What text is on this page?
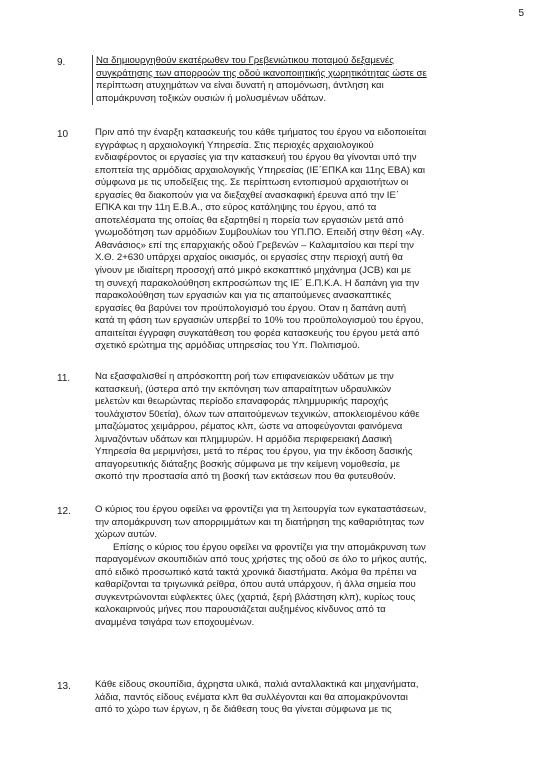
5
9.	Να δημιουργηθούν εκατέρωθεν του Γρεβενιώτικου ποταμού δεξαμενές
συγκράτησης των απορροών της οδού ικανοποιητικής χωρητικότητας ώστε σε
περίπτωση ατυχημάτων να είναι δυνατή η απομόνωση, άντληση και
απομάκρυνση τοξικών ουσιών ή μολυσμένων υδάτων.
10	Πριν από την έναρξη κατασκευής του κάθε τμήματος του έργου να ειδοποιείται
εγγράφως η αρχαιολογική Υπηρεσία. Στις περιοχές αρχαιολογικού
ενδιαφέροντος οι εργασίες για την κατασκευή του έργου θα γίνονται υπό την
εποπτεία της αρμόδιας αρχαιολογικής Υπηρεσίας (ΙΕ΄ΕΠΚΑ και 11ης ΕΒΑ) και
σύμφωνα με τις υποδείξεις της. Σε περίπτωση εντοπισμού αρχαιοτήτων οι
εργασίες θα διακοπούν για να διεξαχθεί ανασκαφική έρευνα από την ΙΕ΄
ΕΠΚΑ και την 11η Ε.Β.Α., στο εύρος κατάληψης του έργου, από τα
αποτελέσματα της οποίας θα εξαρτηθεί η πορεία των εργασιών μετά από
γνωμοδότηση των αρμόδιων Συμβουλίων του ΥΠ.ΠΟ. Επειδή στην θέση «Αγ.
Αθανάσιος» επί της επαρχιακής οδού Γρεβενών – Καλαμιτσίου και περί την
Χ.Θ. 2+630 υπάρχει αρχαίος οικισμός, οι εργασίες στην περιοχή αυτή θα
γίνουν με ιδιαίτερη προσοχή από μικρό εκσκαπτικό μηχάνημα (JCB) και με
τη συνεχή παρακολούθηση εκπροσώπων της ΙΕ΄ Ε.Π.Κ.Α. Η δαπάνη για την
παρακολούθηση των εργασιών και για τις απαιτούμενες ανασκαπτικές
εργασίες θα βαρύνει τον προϋπολογισμό του έργου. Οταν η δαπάνη αυτή
κατά τη φάση των εργασιών υπερβεί το 10% του προϋπολογισμού του έργου,
απαιτείται έγγραφη συγκατάθεση του φορέα κατασκευής του έργου μετά από
σχετικό ερώτημα της αρμόδιας υπηρεσίας του Υπ. Πολιτισμού.
11.	Να εξασφαλισθεί η απρόσκοπτη ροή των επιφανειακών υδάτων με την
κατασκευή, (ύστερα από την εκπόνηση των απαραίτητων υδραυλικών
μελετών και θεωρώντας περίοδο επαναφοράς πλημμυρικής παροχής
τουλάχιστον 50ετία), όλων των απαιτούμενων τεχνικών, αποκλειομένου κάθε
μπαζώματος χειμάρρου, ρέματος κλπ, ώστε να αποφεύγονται φαινόμενα
λιμναζόντων υδάτων και πλημμυρών. Η αρμόδια περιφερειακή Δασική
Υπηρεσία θα μεριμνήσει, μετά το πέρας του έργου, για την έκδοση δασικής
απαγορευτικής διάταξης βοσκής σύμφωνα με την κείμενη νομοθεσία, με
σκοπό την προστασία από τη βοσκή των εκτάσεων που θα φυτευθούν.
12.	Ο κύριος του έργου οφείλει να φροντίζει για τη λειτουργία των εγκαταστάσεων,
την απομάκρυνση των απορριμμάτων και τη διατήρηση της καθαριότητας των
χώρων αυτών.
Επίσης ο κύριος του έργου οφείλει να φροντίζει για την απομάκρυνση των
παραγομένων σκουπιδιών από τους χρήστες της οδού σε όλο το μήκος αυτής,
από ειδικό προσωπικό κατά τακτά χρονικά διαστήματα. Ακόμα θα πρέπει να
καθαρίζονται τα τριγωνικά ρείθρα, όπου αυτά υπάρχουν, ή άλλα σημεία που
συγκεντρώνονται εύφλεκτες ύλες (χαρτιά, ξερή βλάστηση κλπ), κυρίως τους
καλοκαιρινούς μήνες που παρουσιάζεται αυξημένος κίνδυνος από τα
αναμμένα τσιγάρα των εποχουμένων.
13.	Κάθε είδους σκουπίδια, άχρηστα υλικά, παλιά ανταλλακτικά και μηχανήματα,
λάδια, παντός είδους ενέματα κλπ θα συλλέγονται και θα απομακρύνονται
από το χώρο των έργων, η δε διάθεση τους θα γίνεται σύμφωνα με τις
